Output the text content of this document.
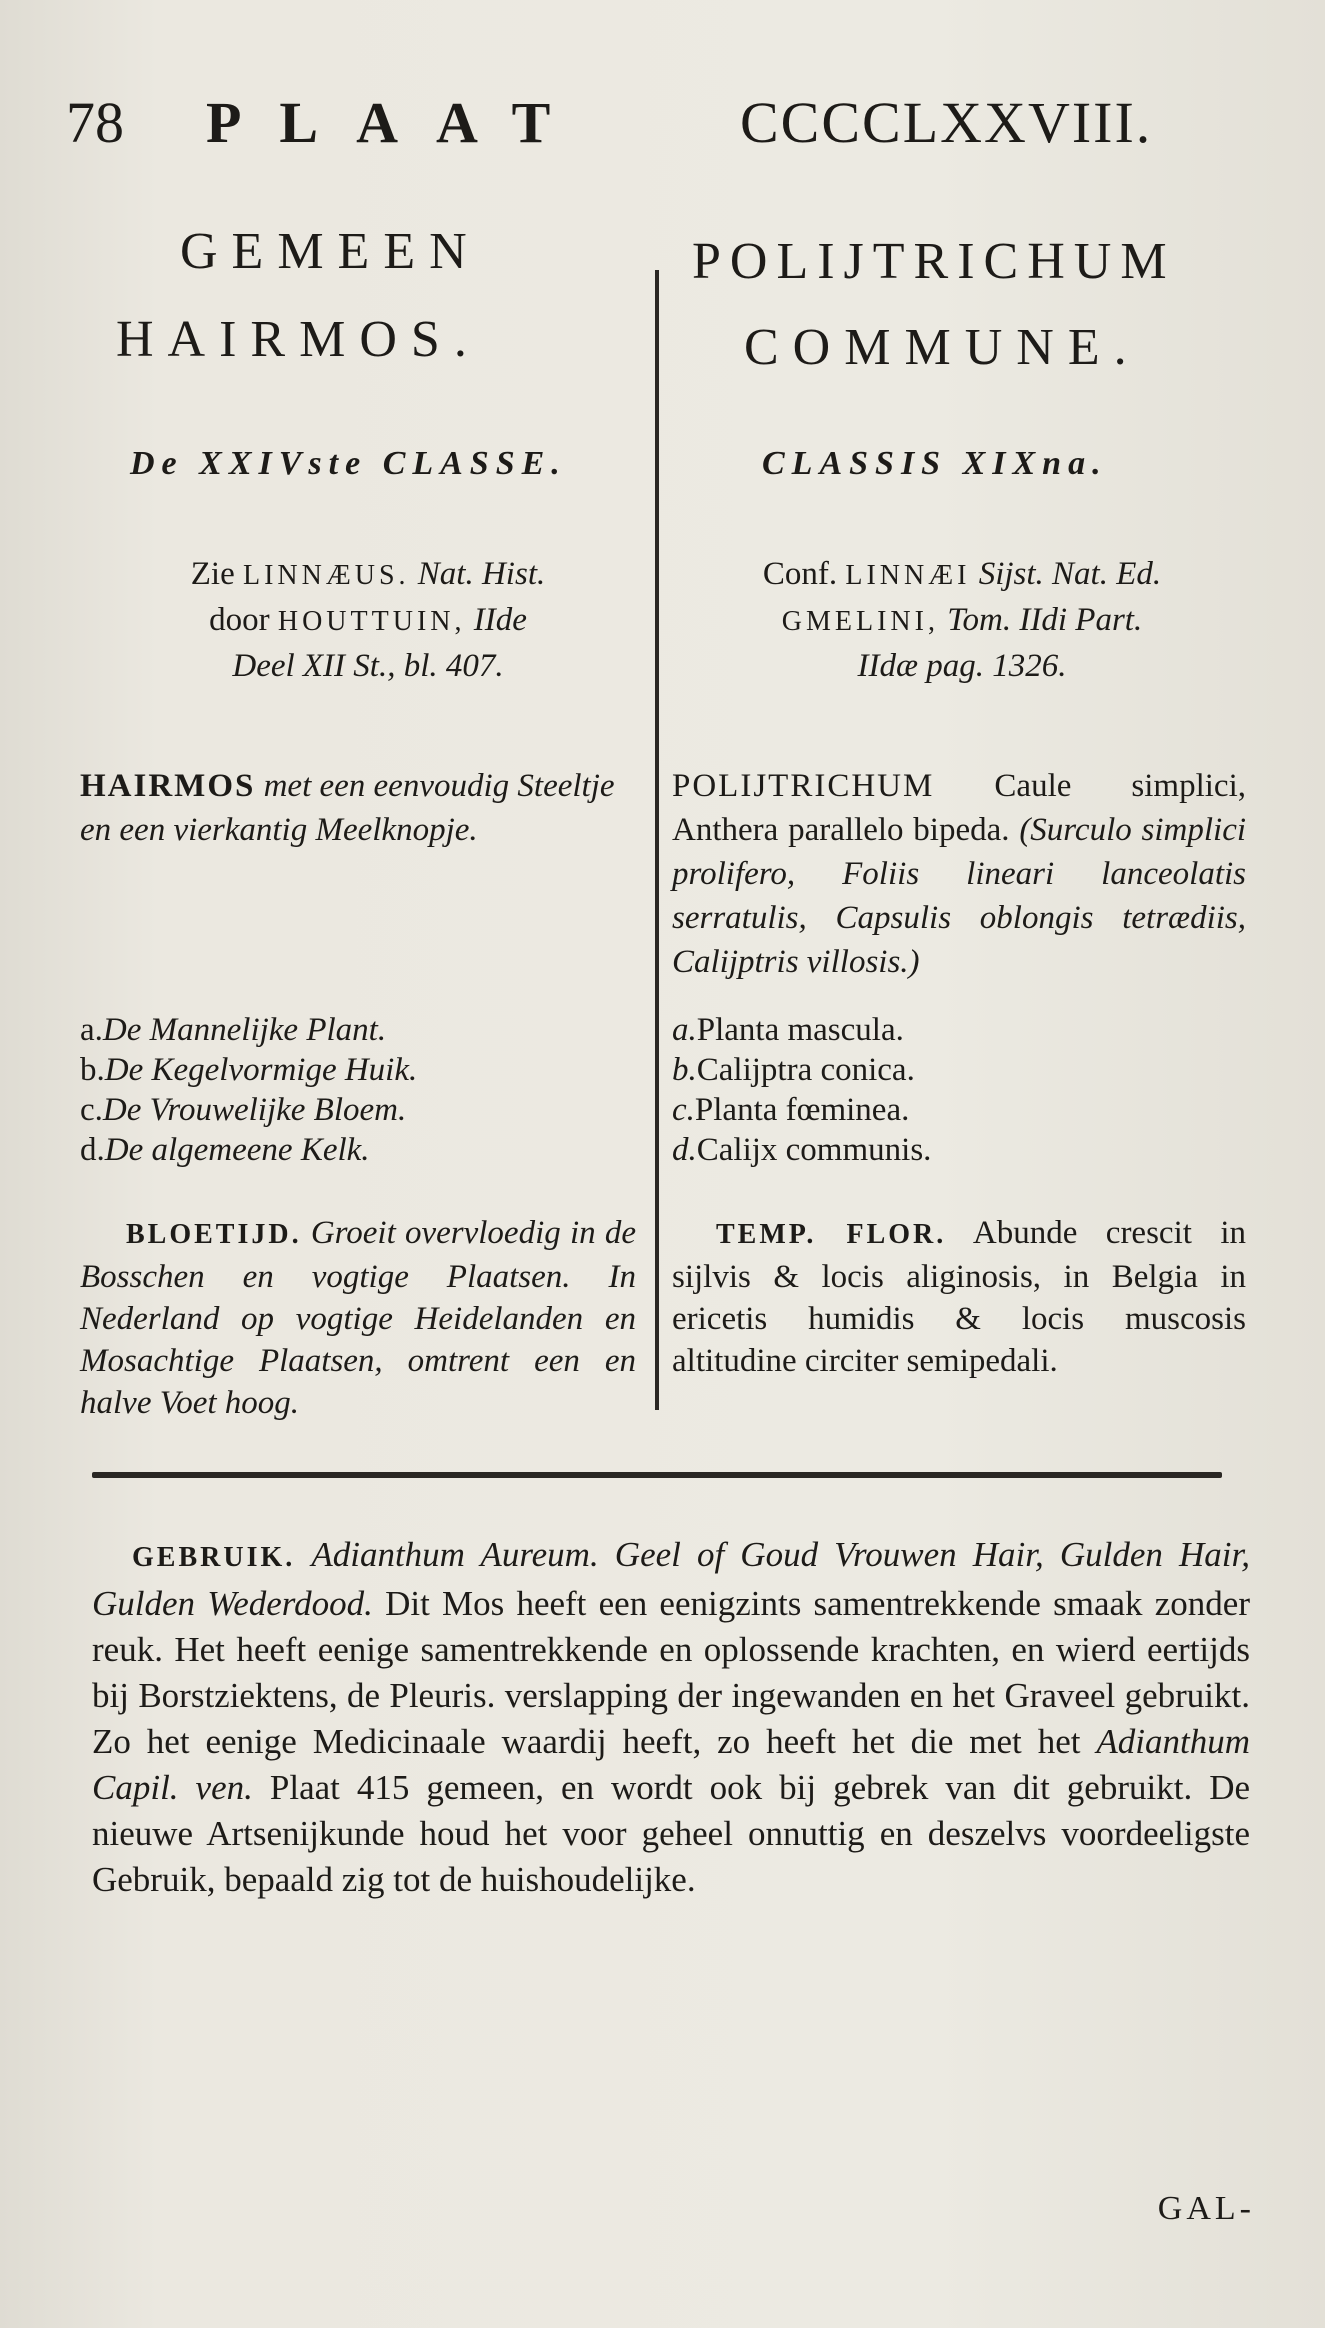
78 PLAAT	CCCCLXXVIII.
GEMEEN
HAIRMOS.
De XXIVste CLASSE.
Zie LINNÆUS. Nat. Hist.
door HOUTTUIN, IIde
Deel XII St., bl. 407.
HAIRMOS met een eenvoudig Steeltje en een vierkantig Meelknopje.
a.De Mannelijke Plant.
b.De Kegelvormige Huik.
c.De Vrouwelijke Bloem.
d.De algemeene Kelk.
BLOETIJD. Groeit overvloedig in de Bosschen en vogtige Plaatsen. In Nederland op vogtige Heidelanden en Mosachtige Plaatsen, omtrent een en halve Voet hoog.
POLIJTRICHUM
COMMUNE.
CLASSIS XIXna.
Conf. LINNÆI Sijst. Nat. Ed.
GMELINI, Tom. IIdi Part.
IIdæ pag. 1326.
POLIJTRICHUM Caule simplici, Anthera parallelo bipeda. (Surculo simplici prolifero, Foliis lineari lanceolatis serratulis, Capsulis oblongis tetrædiis, Calijptris villosis.)
a.Planta mascula.
b.Calijptra conica.
c.Planta fœminea.
d.Calijx communis.
TEMP. FLOR. Abunde crescit in sijlvis & locis aliginosis, in Belgia in ericetis humidis & locis muscosis altitudine circiter semipedali.
GEBRUIK. Adianthum Aureum. Geel of Goud Vrouwen Hair, Gulden Hair, Gulden Wederdood. Dit Mos heeft een eenigzints samentrekkende smaak zonder reuk. Het heeft eenige samentrekkende en oplossende krachten, en wierd eertijds bij Borstziektens, de Pleuris. verslapping der ingewanden en het Graveel gebruikt. Zo het eenige Medicinaale waardij heeft, zo heeft het die met het Adianthum Capil. ven. Plaat 415 gemeen, en wordt ook bij gebrek van dit gebruikt. De nieuwe Artsenijkunde houd het voor geheel onnuttig en deszelvs voordeeligste Gebruik, bepaald zig tot de huishoudelijke.
GAL-
